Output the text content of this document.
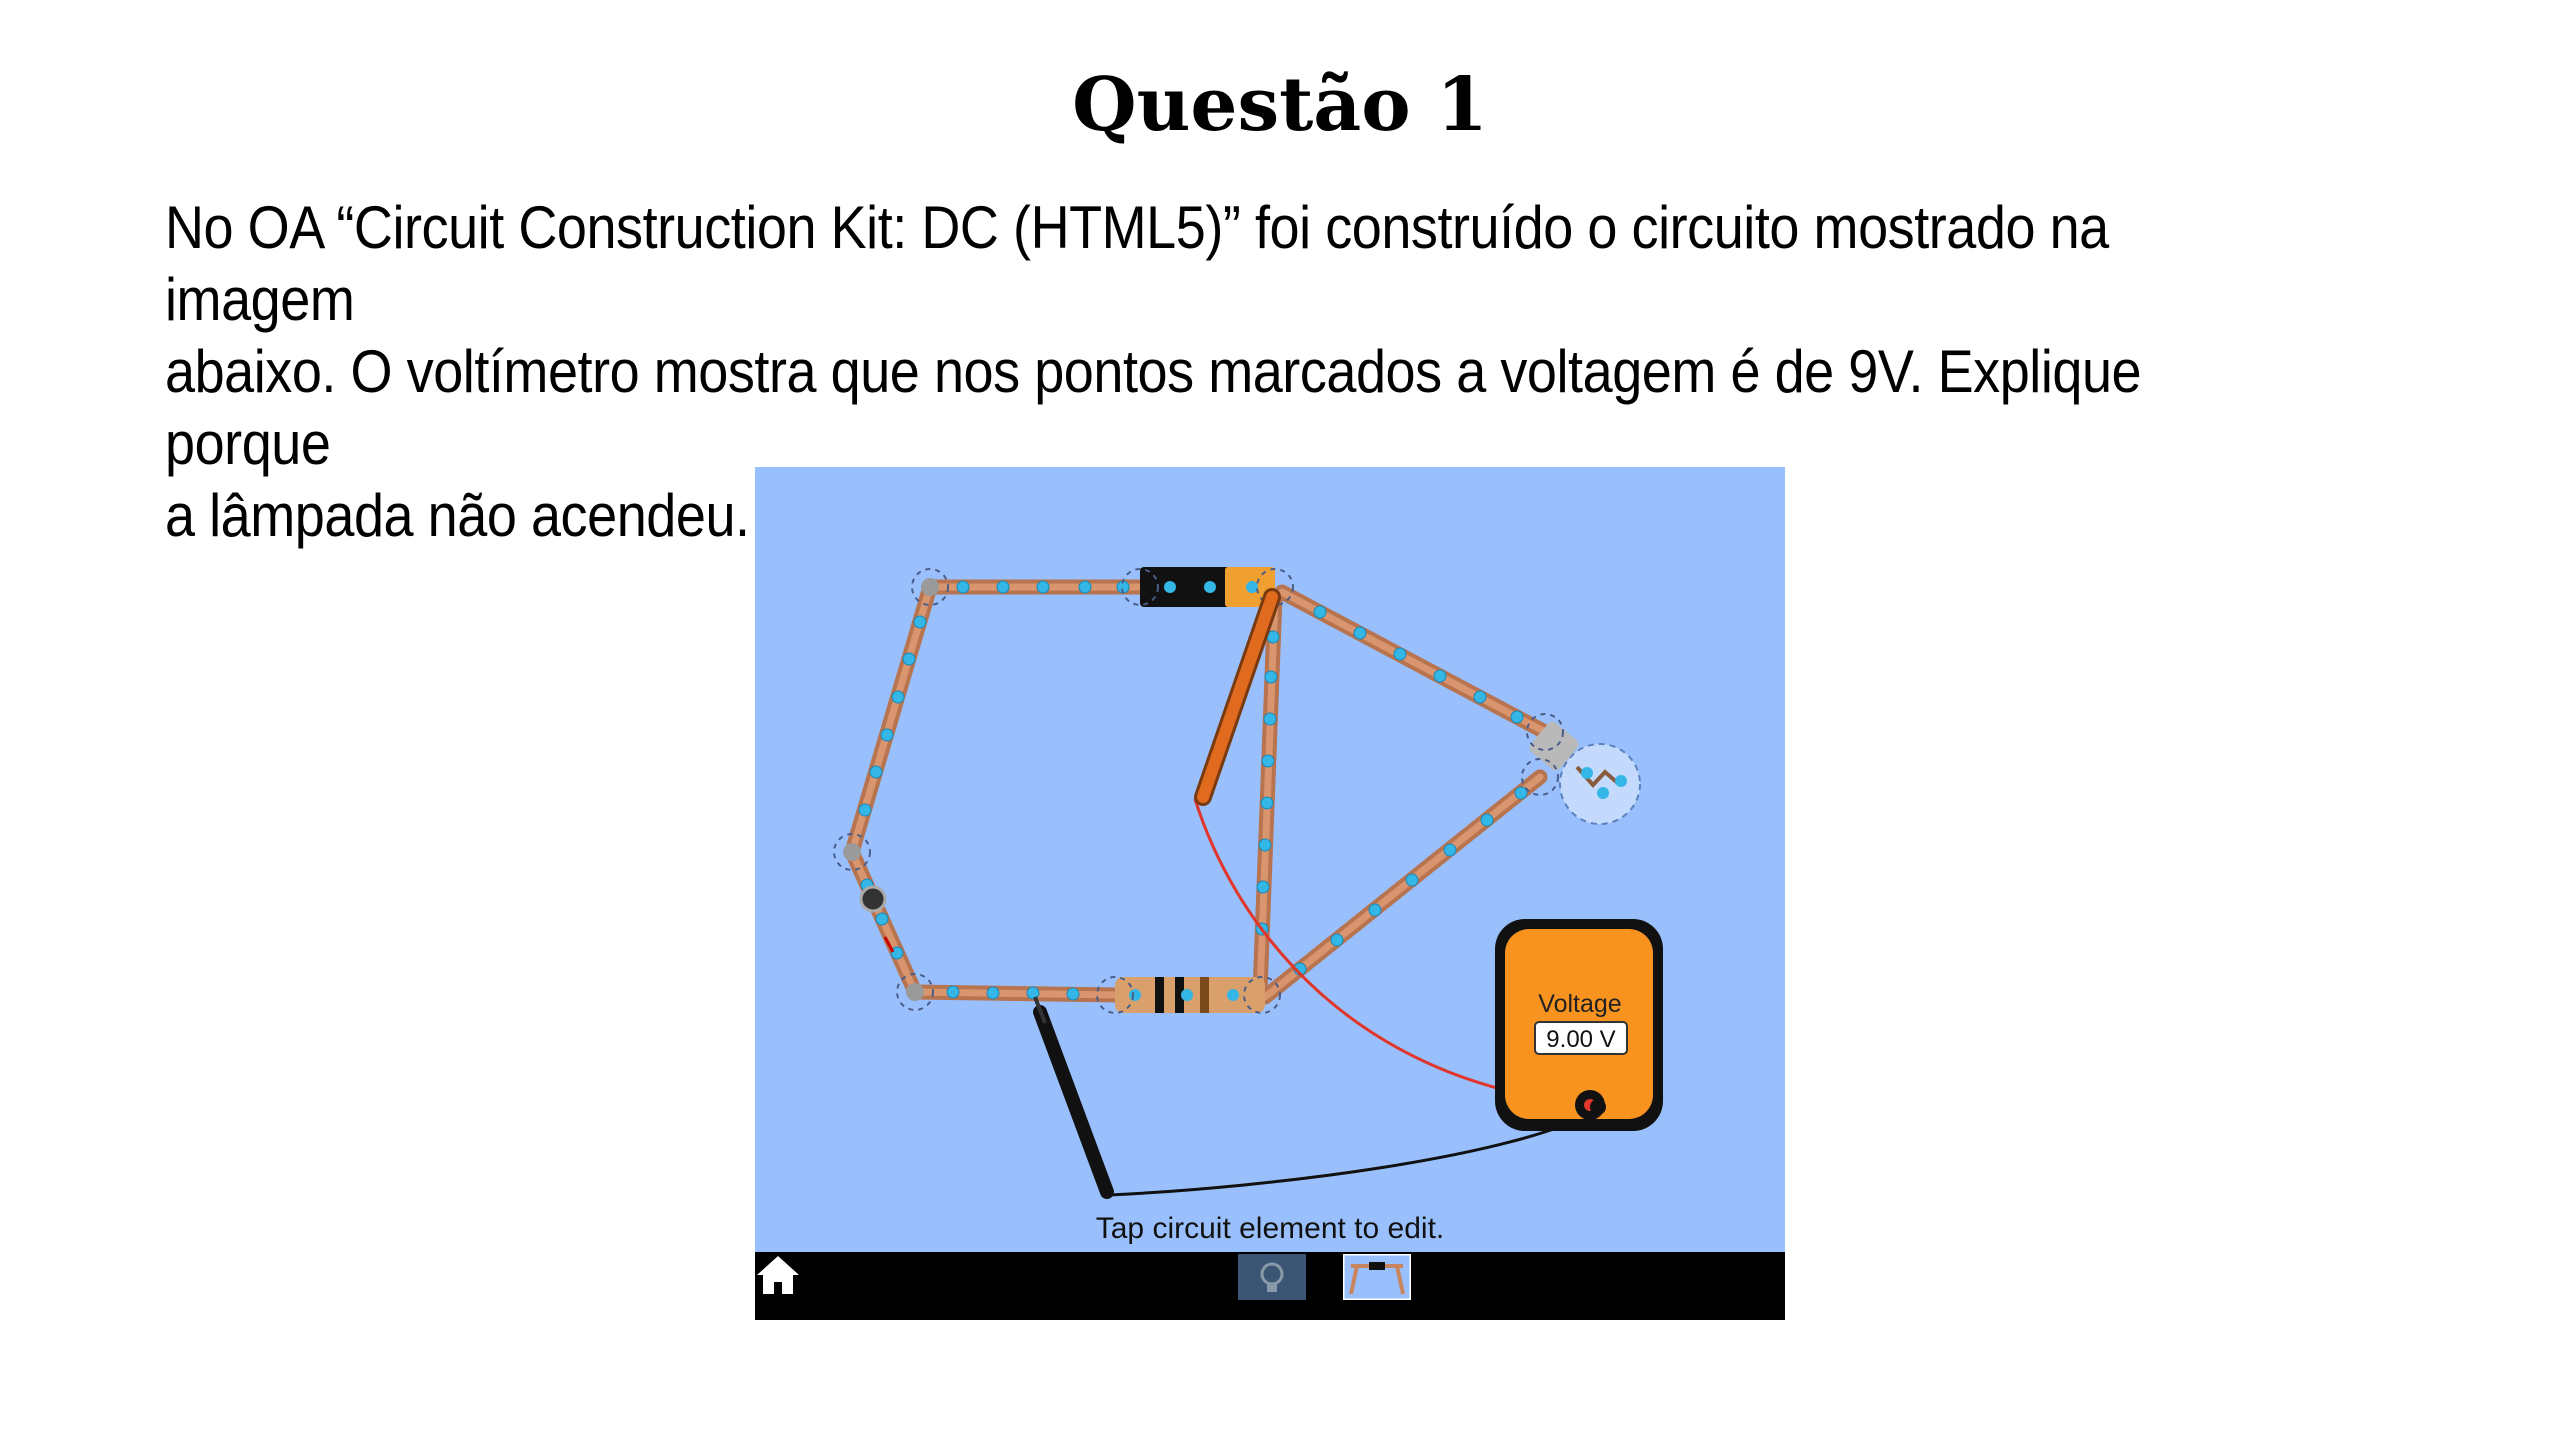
Questão 1
No OA “Circuit Construction Kit: DC (HTML5)” foi construído o circuito mostrado na imagem
abaixo. O voltímetro mostra que nos pontos marcados a voltagem é de 9V. Explique porque
a lâmpada não acendeu.
Voltage
9.00 V
Tap circuit element to edit.
